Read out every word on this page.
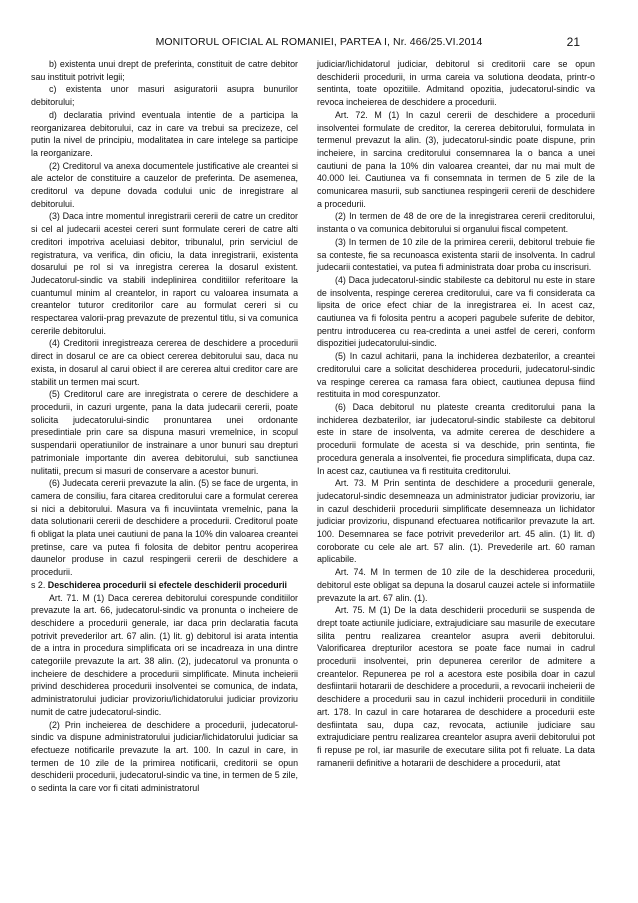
MONITORUL OFICIAL AL ROMANIEI, PARTEA I, Nr. 466/25.VI.2014	21

b) existenta unui drept de preferinta, constituit de catre debitor sau instituit potrivit legii;

c) existenta unor masuri asiguratorii asupra bunurilor debitorului;

d) declaratia privind eventuala intentie de a participa la reorganizarea debitorului, caz in care va trebui sa precizeze, cel putin la nivel de principiu, modalitatea in care intelege sa participe la reorganizare.

(2) Creditorul va anexa documentele justificative ale creantei si ale actelor de constituire a cauzelor de preferinta. De asemenea, creditorul va depune dovada codului unic de inregistrare al debitorului.

(3) Daca intre momentul inregistrarii cererii de catre un creditor si cel al judecarii acestei cereri sunt formulate cereri de catre alti creditori impotriva aceluiasi debitor, tribunalul, prin serviciul de registratura, va verifica, din oficiu, la data inregistrarii, existenta dosarului pe rol si va inregistra cererea la dosarul existent. Judecatorul-sindic va stabili indeplinirea conditiilor referitoare la cuantumul minim al creantelor, in raport cu valoarea insumata a creantelor tuturor creditorilor care au formulat cereri si cu respectarea valorii-prag prevazute de prezentul titlu, si va comunica cererile debitorului.

(4) Creditorii inregistreaza cererea de deschidere a procedurii direct in dosarul ce are ca obiect cererea debitorului sau, daca nu exista, in dosarul al carui obiect il are cererea altui creditor care are stabilit un termen mai scurt.

(5) Creditorul care are inregistrata o cerere de deschidere a procedurii, in cazuri urgente, pana la data judecarii cererii, poate solicita judecatorului-sindic pronuntarea unei ordonante presedintiale prin care sa dispuna masuri vremelnice, in scopul suspendarii operatiunilor de instrainare a unor bunuri sau drepturi patrimoniale importante din averea debitorului, sub sanctiunea nulitatii, precum si masuri de conservare a acestor bunuri.

(6) Judecata cererii prevazute la alin. (5) se face de urgenta, in camera de consiliu, fara citarea creditorului care a formulat cererea si nici a debitorului. Masura va fi incuviintata vremelnic, pana la data solutionarii cererii de deschidere a procedurii. Creditorul poate fi obligat la plata unei cautiuni de pana la 10% din valoarea creantei pretinse, care va putea fi folosita de debitor pentru acoperirea daunelor produse in cazul respingerii cererii de deschidere a procedurii.

s 2. Deschiderea procedurii si efectele deschiderii procedurii

Art. 71. M (1) Daca cererea debitorului corespunde conditiilor prevazute la art. 66, judecatorul-sindic va pronunta o incheiere de deschidere a procedurii generale, iar daca prin declaratia facuta potrivit prevederilor art. 67 alin. (1) lit. g) debitorul isi arata intentia de a intra in procedura simplificata ori se incadreaza in una dintre categoriile prevazute la art. 38 alin. (2), judecatorul va pronunta o incheiere de deschidere a procedurii simplificate. Minuta incheierii privind deschiderea procedurii insolventei se comunica, de indata, administratorului judiciar provizoriu/lichidatorului judiciar provizoriu numit de catre judecatorul-sindic.

(2) Prin incheierea de deschidere a procedurii, judecatorul-sindic va dispune administratorului judiciar/lichidatorului judiciar sa efectueze notificarile prevazute la art. 100. In cazul in care, in termen de 10 zile de la primirea notificarii, creditorii se opun deschiderii procedurii, judecatorul-sindic va tine, in termen de 5 zile, o sedinta la care vor fi citati administratorul

judiciar/lichidatorul judiciar, debitorul si creditorii care se opun deschiderii procedurii, in urma careia va solutiona deodata, printr-o sentinta, toate opozitiile. Admitand opozitia, judecatorul-sindic va revoca incheierea de deschidere a procedurii.

Art. 72. M (1) In cazul cererii de deschidere a procedurii insolventei formulate de creditor, la cererea debitorului, formulata in termenul prevazut la alin. (3), judecatorul-sindic poate dispune, prin incheiere, in sarcina creditorului consemnarea la o banca a unei cautiuni de pana la 10% din valoarea creantei, dar nu mai mult de 40.000 lei. Cautiunea va fi consemnata in termen de 5 zile de la comunicarea masurii, sub sanctiunea respingerii cererii de deschidere a procedurii.

(2) In termen de 48 de ore de la inregistrarea cererii creditorului, instanta o va comunica debitorului si organului fiscal competent.

(3) In termen de 10 zile de la primirea cererii, debitorul trebuie fie sa conteste, fie sa recunoasca existenta starii de insolventa. In cadrul judecarii contestatiei, va putea fi administrata doar proba cu inscrisuri.

(4) Daca judecatorul-sindic stabileste ca debitorul nu este in stare de insolventa, respinge cererea creditorului, care va fi considerata ca lipsita de orice efect chiar de la inregistrarea ei. In acest caz, cautiunea va fi folosita pentru a acoperi pagubele suferite de debitor, pentru introducerea cu rea-credinta a unei astfel de cereri, conform dispozitiei judecatorului-sindic.

(5) In cazul achitarii, pana la inchiderea dezbaterilor, a creantei creditorului care a solicitat deschiderea procedurii, judecatorul-sindic va respinge cererea ca ramasa fara obiect, cautiunea depusa fiind restituita in mod corespunzator.

(6) Daca debitorul nu plateste creanta creditorului pana la inchiderea dezbaterilor, iar judecatorul-sindic stabileste ca debitorul este in stare de insolventa, va admite cererea de deschidere a procedurii formulate de acesta si va deschide, prin sentinta, fie procedura generala a insolventei, fie procedura simplificata, dupa caz. In acest caz, cautiunea va fi restituita creditorului.

Art. 73. M Prin sentinta de deschidere a procedurii generale, judecatorul-sindic desemneaza un administrator judiciar provizoriu, iar in cazul deschiderii procedurii simplificate desemneaza un lichidator judiciar provizoriu, dispunand efectuarea notificarilor prevazute la art. 100. Desemnarea se face potrivit prevederilor art. 45 alin. (1) lit. d) coroborate cu cele ale art. 57 alin. (1). Prevederile art. 60 raman aplicabile.

Art. 74. M In termen de 10 zile de la deschiderea procedurii, debitorul este obligat sa depuna la dosarul cauzei actele si informatiile prevazute la art. 67 alin. (1).

Art. 75. M (1) De la data deschiderii procedurii se suspenda de drept toate actiunile judiciare, extrajudiciare sau masurile de executare silita pentru realizarea creantelor asupra averii debitorului. Valorificarea drepturilor acestora se poate face numai in cadrul procedurii insolventei, prin depunerea cererilor de admitere a creantelor. Repunerea pe rol a acestora este posibila doar in cazul desfiintarii hotararii de deschidere a procedurii, a revocarii incheierii de deschidere a procedurii sau in cazul inchiderii procedurii in conditiile art. 178. In cazul in care hotararea de deschidere a procedurii este desfiintata sau, dupa caz, revocata, actiunile judiciare sau extrajudiciare pentru realizarea creantelor asupra averii debitorului pot fi repuse pe rol, iar masurile de executare silita pot fi reluate. La data ramanerii definitive a hotararii de deschidere a procedurii, atat
